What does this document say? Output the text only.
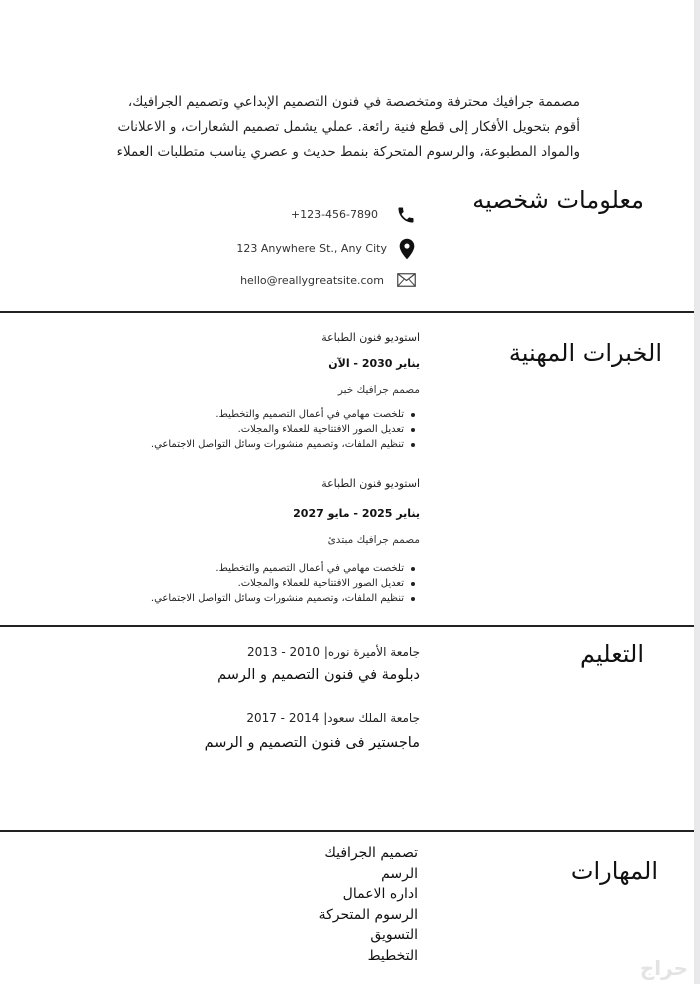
مصممة جرافيك محترفة ومتخصصة في فنون التصميم الإبداعي وتصميم الجرافيك،
أقوم بتحويل الأفكار إلى قطع فنية رائعة. عملي يشمل تصميم الشعارات، و الاعلانات
والمواد المطبوعة، والرسوم المتحركة بنمط حديث و عصري يناسب متطلبات العملاء
معلومات شخصيه
+123-456-7890
123 Anywhere St., Any City
hello@reallygreatsite.com
الخبرات المهنية
استوديو فنون الطباعة
يناير 2030 - الآن
مصمم جرافيك خبر
تلخصت مهامي في أعمال التصميم والتخطيط.
تعديل الصور الافتتاحية للعملاء والمجلات.
تنظيم الملفات، وتصميم منشورات وسائل التواصل الاجتماعي.
استوديو فنون الطباعة
يناير 2025 - مايو 2027
مصمم جرافيك مبتدئ
تلخصت مهامي في أعمال التصميم والتخطيط.
تعديل الصور الافتتاحية للعملاء والمجلات.
تنظيم الملفات، وتصميم منشورات وسائل التواصل الاجتماعي.
التعليم
جامعة الأميرة نوره| 2010 - 2013
دبلومة في فنون التصميم و الرسم
جامعة الملك سعود| 2014 - 2017
ماجستير فى فنون التصميم و الرسم
المهارات
تصميم الجرافيك
الرسم
اداره الاعمال
الرسوم المتحركة
التسويق
التخطيط
حراج
